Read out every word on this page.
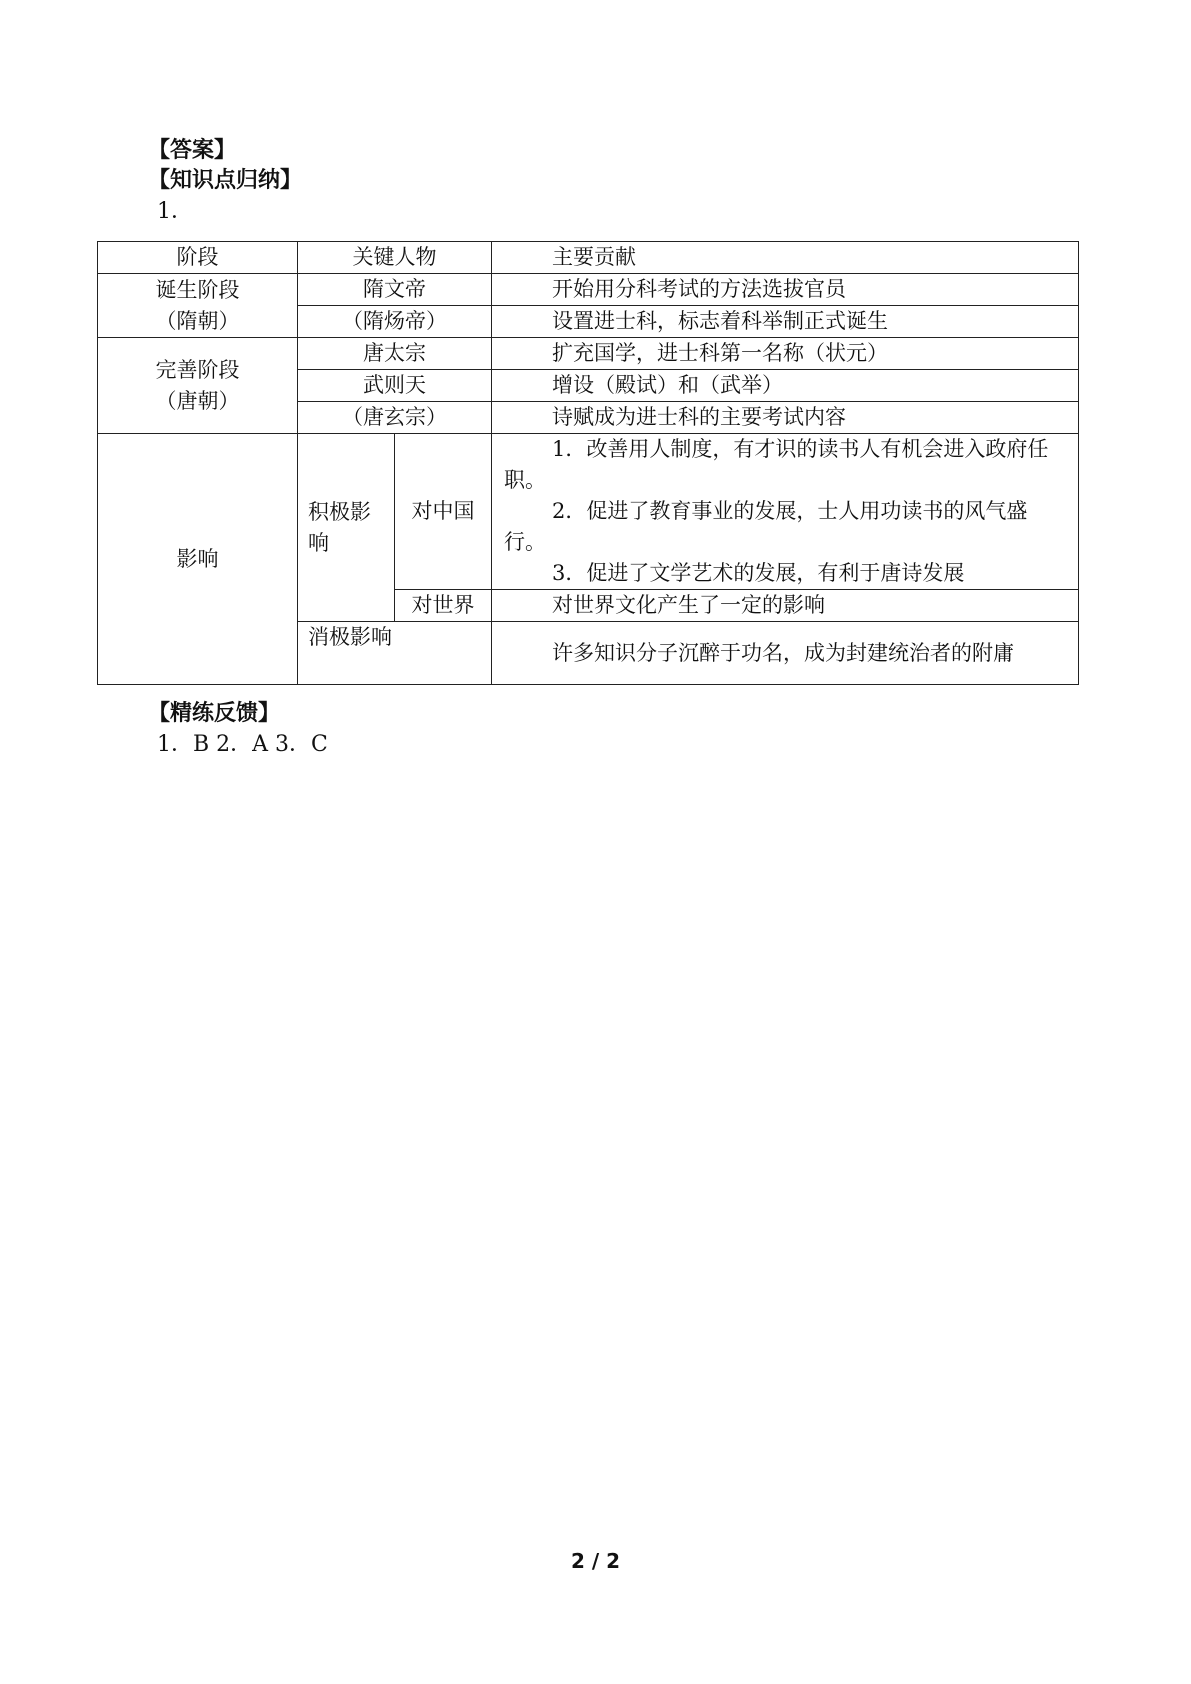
【答案】
【知识点归纳】
1．
阶段	关键人物		主要贡献

诞生阶段
（隋朝）	隋文帝		开始用分科考试的方法选拔官员
	（隋炀帝）		设置进士科，标志着科举制正式诞生

完善阶段
（唐朝）	唐太宗		扩充国学，进士科第一名称（状元）
	武则天		增设（殿试）和（武举）
	（唐玄宗）		诗赋成为进士科的主要考试内容
影响	积极影响	对中国	1．改善用人制度，有才识的读书人有机会进入政府任职。
2．促进了教育事业的发展，士人用功读书的风气盛行。
3．促进了文学艺术的发展，有利于唐诗发展

		对世界	对世界文化产生了一定的影响
	消极影响		许多知识分子沉醉于功名，成为封建统治者的附庸
【精练反馈】
1．B 2．A 3．C
2 / 2
